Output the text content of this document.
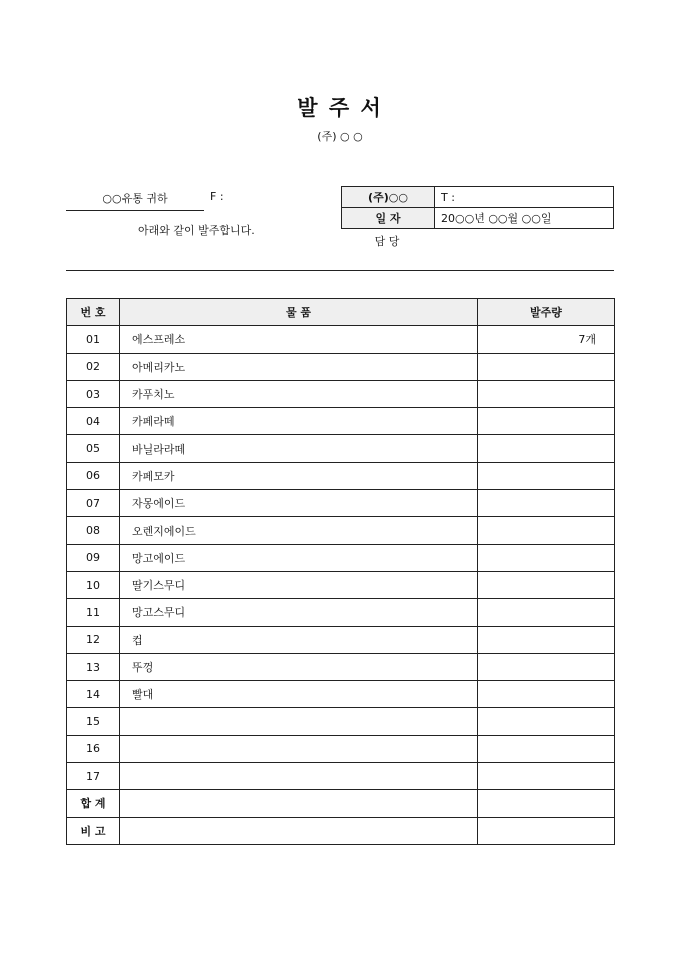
발 주 서
(주) ○ ○
○○유통 귀하	F :
아래와 같이 발주합니다.
(주)○○	T :
일 자	20○○년 ○○월 ○○일
담 당
번 호	물 품	발주량
01	에스프레소	7개
02	아메리카노	
03	카푸치노	
04	카페라떼	
05	바닐라라떼	
06	카페모카	
07	자몽에이드	
08	오렌지에이드	
09	망고에이드	
10	딸기스무디	
11	망고스무디	
12	컵	
13	뚜껑	
14	빨대	
15		
16		
17		
합 계		
비 고		
